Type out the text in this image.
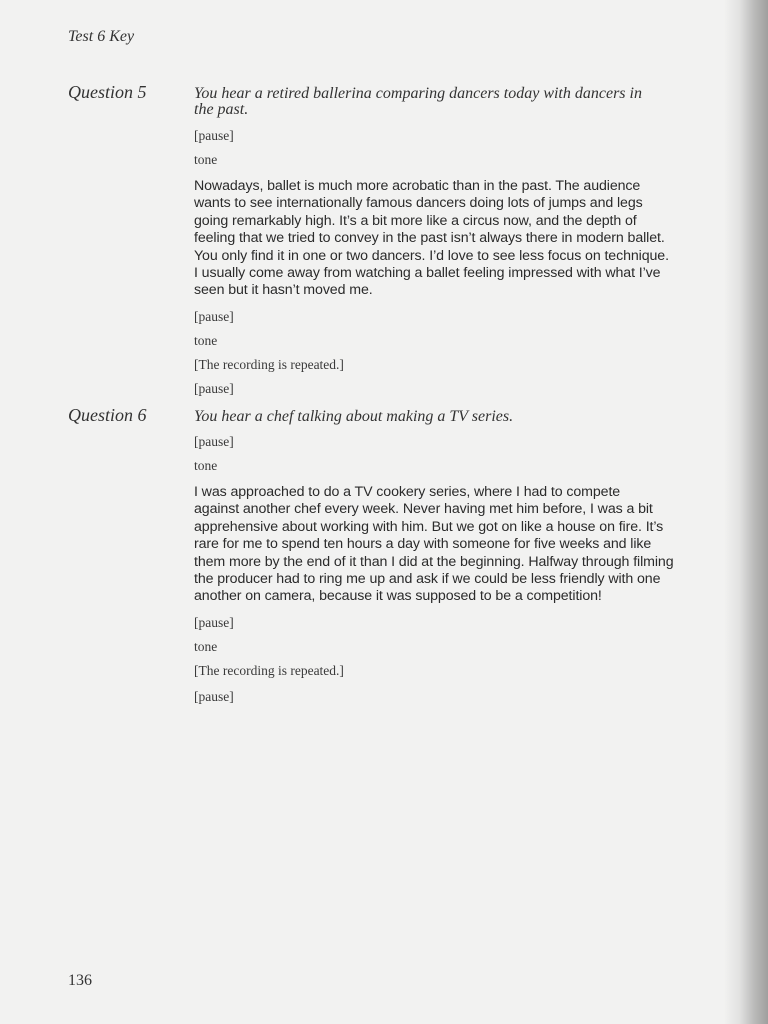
Test 6 Key
Question 5	You hear a retired ballerina comparing dancers today with dancers in
the past.

[pause]

tone

Nowadays, ballet is much more acrobatic than in the past. The audience
wants to see internationally famous dancers doing lots of jumps and legs
going remarkably high. It’s a bit more like a circus now, and the depth of
feeling that we tried to convey in the past isn’t always there in modern ballet.
You only find it in one or two dancers. I’d love to see less focus on technique.
I usually come away from watching a ballet feeling impressed with what I’ve
seen but it hasn’t moved me.

[pause]

tone

[The recording is repeated.]

[pause]

Question 6	You hear a chef talking about making a TV series.

[pause]

tone

I was approached to do a TV cookery series, where I had to compete
against another chef every week. Never having met him before, I was a bit
apprehensive about working with him. But we got on like a house on fire. It’s
rare for me to spend ten hours a day with someone for five weeks and like
them more by the end of it than I did at the beginning. Halfway through filming
the producer had to ring me up and ask if we could be less friendly with one
another on camera, because it was supposed to be a competition!

[pause]

tone

[The recording is repeated.]

[pause]

136
